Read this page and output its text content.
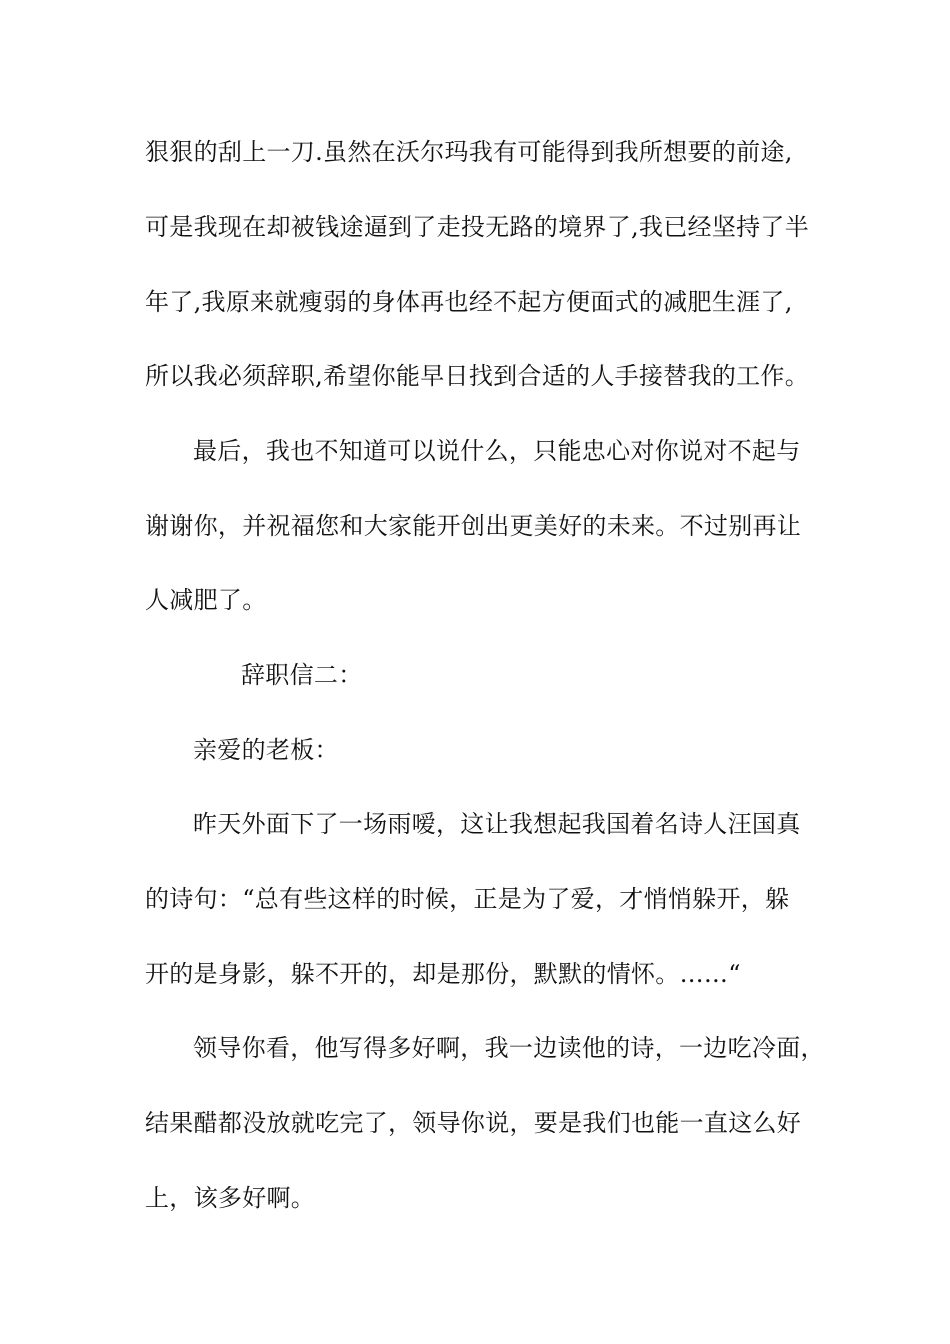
狠狠的刮上一刀.虽然在沃尔玛我有可能得到我所想要的前途,
可是我现在却被钱途逼到了走投无路的境界了,我已经坚持了半
年了,我原来就瘦弱的身体再也经不起方便面式的减肥生涯了,
所以我必须辞职,希望你能早日找到合适的人手接替我的工作。
最后，我也不知道可以说什么，只能忠心对你说对不起与
谢谢你，并祝福您和大家能开创出更美好的未来。不过别再让
人减肥了。
辞职信二：
亲爱的老板：
昨天外面下了一场雨嗳，这让我想起我国着名诗人汪国真
的诗句：“总有些这样的时候，正是为了爱，才悄悄躲开，躲
开的是身影，躲不开的，却是那份，默默的情怀。……“
领导你看，他写得多好啊，我一边读他的诗，一边吃冷面，
结果醋都没放就吃完了，领导你说，要是我们也能一直这么好
上，该多好啊。
